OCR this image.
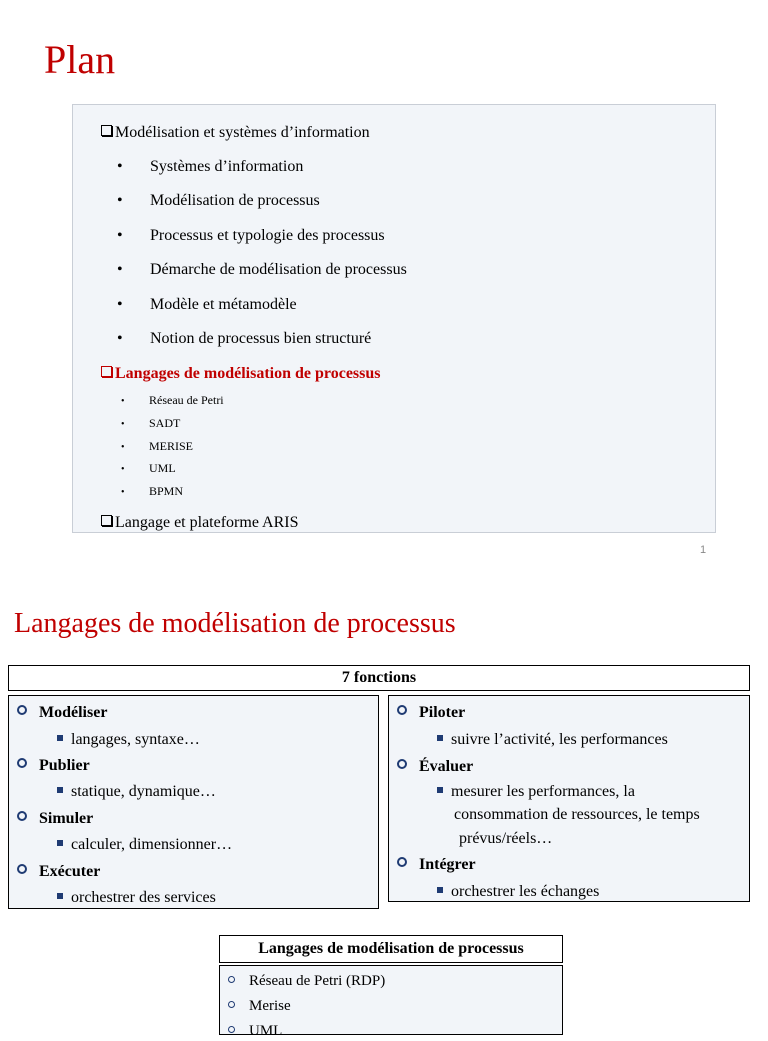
Plan
Modélisation et systèmes d’information
• Systèmes d’information
• Modélisation de processus
• Processus et typologie des processus
• Démarche de modélisation de processus
• Modèle et métamodèle
• Notion de processus bien structuré
Langages de modélisation de processus
• Réseau de Petri
• SADT
• MERISE
• UML
• BPMN
Langage et plateforme ARIS
1
Langages de modélisation de processus
7 fonctions
Modéliser
langages, syntaxe…
Publier
statique, dynamique…
Simuler
calculer, dimensionner…
Exécuter
orchestrer des services
Piloter
suivre l’activité, les performances
Évaluer
mesurer les performances, la
consommation de ressources, le temps
prévus/réels…
Intégrer
orchestrer les échanges
Langages de modélisation de processus
Réseau de Petri (RDP)
Merise
UML
